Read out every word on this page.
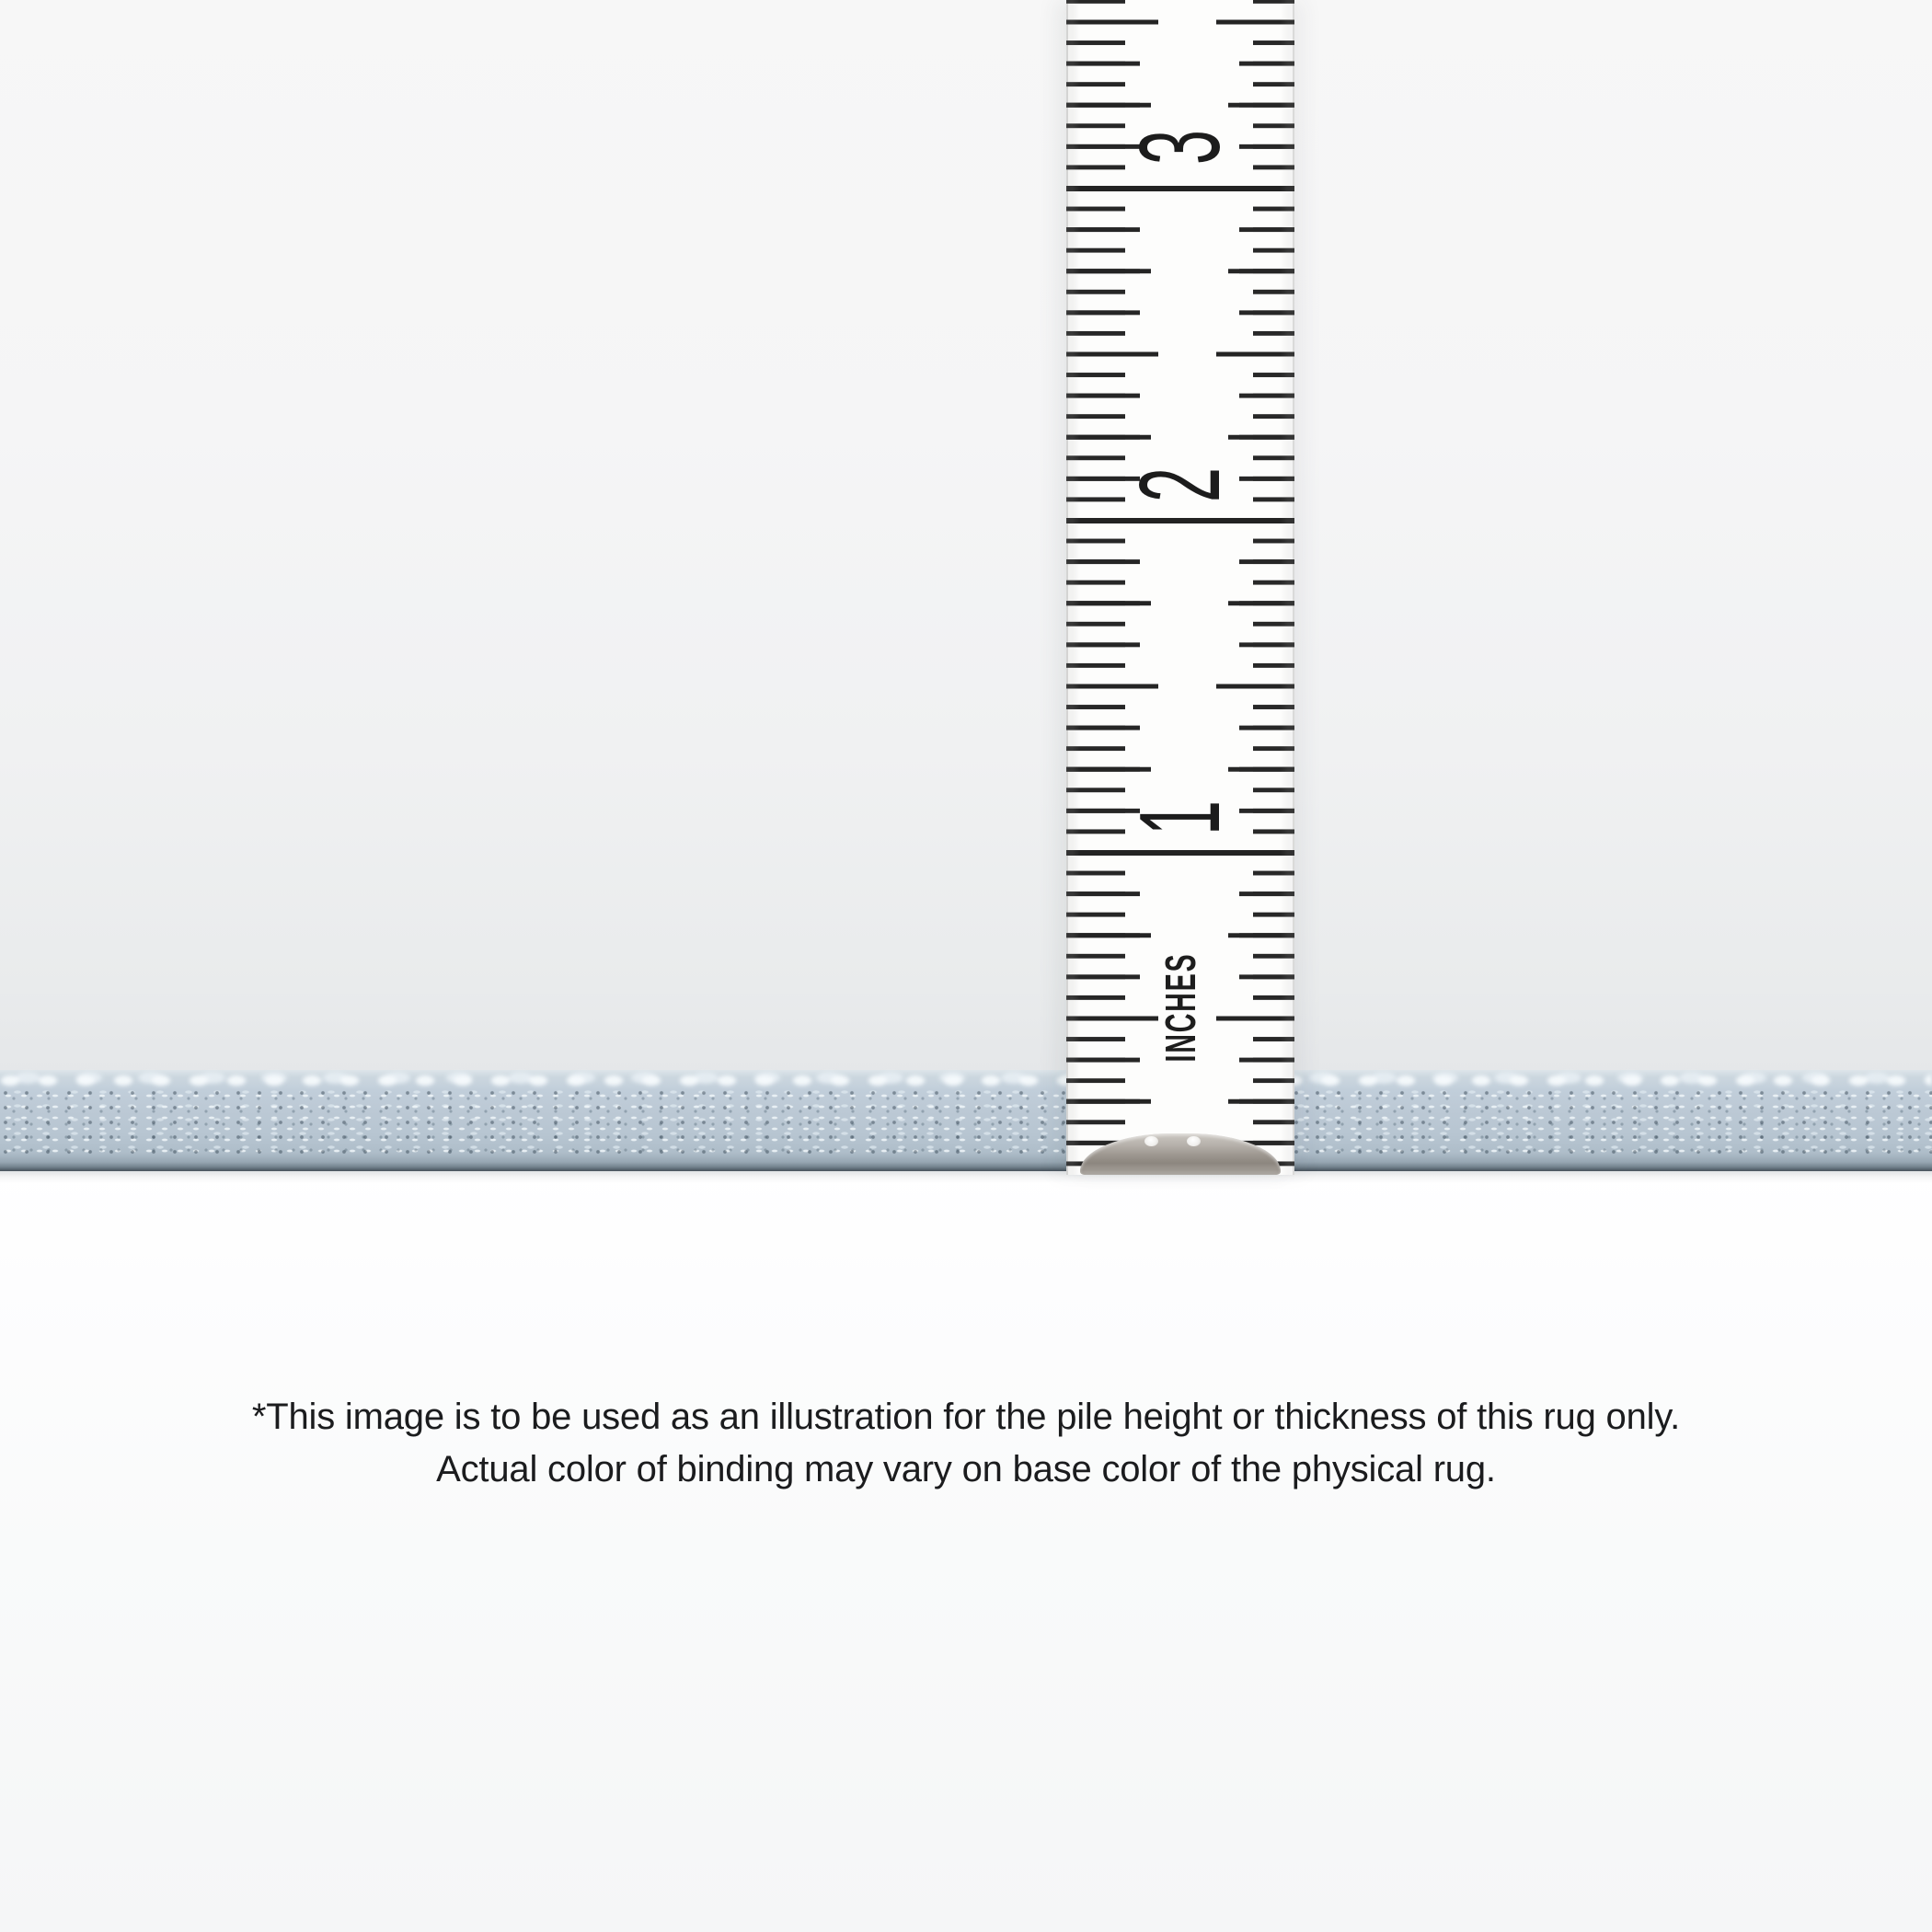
3
2
1
INCHES
*This image is to be used as an illustration for the pile height or thickness of this rug only.
Actual color of binding may vary on base color of the physical rug.
